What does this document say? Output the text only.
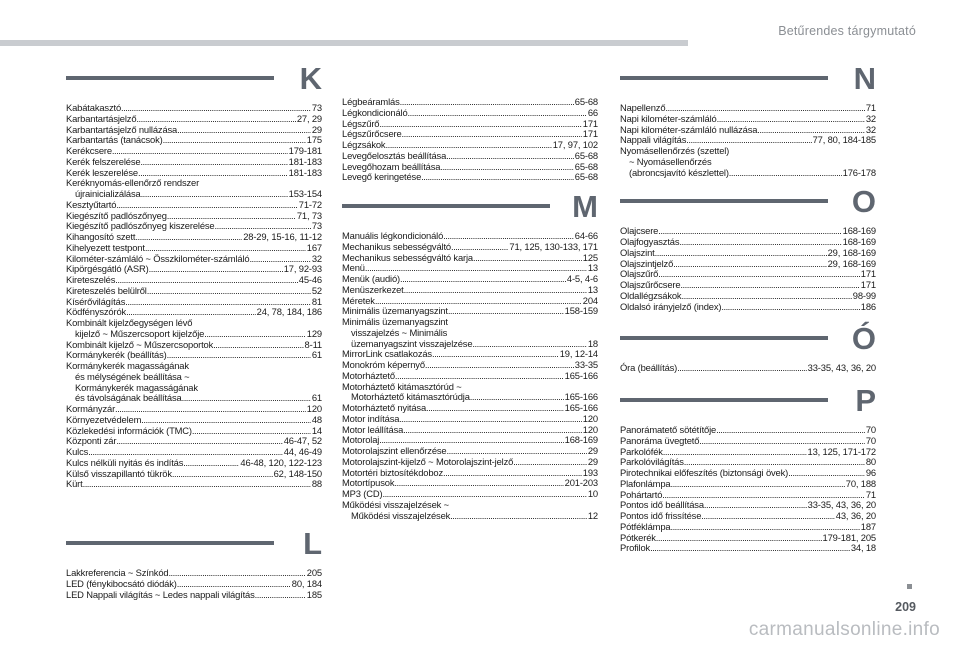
Betűrendes tárgymutató
K
Kabátakasztó .....	73
Karbantartásjelző .....	27, 29
Karbantartásjelző nullázása .....	29
Karbantartás (tanácsok) .....	175
Kerékcsere .....	179-181
Kerék felszerelése .....	181-183
Kerék leszerelése .....	181-183
Keréknyomás-ellenőrző rendszer
újrainicializálása .....	153-154
Kesztyűtartó .....	71-72
Kiegészítő padlószőnyeg .....	71, 73
Kiegészítő padlószőnyeg kiszerelése .....	73
Kihangosító szett .....	28-29, 15-16, 11-12
Kihelyezett testpont .....	167
Kilométer-számláló ~ Összkilométer-számláló .....	32
Kipörgésgátló (ASR) .....	17, 92-93
Kireteszelés .....	45-46
Kireteszelés belülről .....	52
Kísérővilágítás .....	81
Ködfényszórók .....	24, 78, 184, 186
Kombinált kijelzőegységen lévő
kijelző ~ Műszercsoport kijelzője .....	129
Kombinált kijelző ~ Műszercsoportok .....	8-11
Kormánykerék (beállítás) .....	61
Kormánykerék magasságának
és mélységének beállítása ~
Kormánykerék magasságának
és távolságának beállítása .....	61
Kormányzár .....	120
Környezetvédelem .....	48
Közlekedési információk (TMC) .....	14
Központi zár .....	46-47, 52
Kulcs .....	44, 46-49
Kulcs nélküli nyitás és indítás .....	46-48, 120, 122-123
Külső visszapillantó tükrök .....	62, 148-150
Kürt .....	88
L
Lakkreferencia ~ Színkód .....	205
LED (fénykibocsátó diódák) .....	80, 184
LED Nappali világítás ~ Ledes nappali világítás .....	185
Légbeáramlás .....	65-68
Légkondicionáló .....	66
Légszűrő .....	171
Légszűrőcsere .....	171
Légzsákok .....	17, 97, 102
Levegőelosztás beállítása .....	65-68
Levegőhozam beállítása .....	65-68
Levegő keringetése .....	65-68
M
Manuális légkondicionáló .....	64-66
Mechanikus sebességváltó .....	71, 125, 130-133, 171
Mechanikus sebességváltó karja .....	125
Menü .....	13
Menük (audió) .....	4-5, 4-6
Menüszerkezet .....	13
Méretek .....	204
Minimális üzemanyagszint .....	158-159
Minimális üzemanyagszint
visszajelzés ~ Minimális
üzemanyagszint visszajelzése .....	18
MirrorLink csatlakozás .....	19, 12-14
Monokróm képernyő .....	33-35
Motorháztető .....	165-166
Motorháztető kitámasztórúd ~
Motorháztető kitámasztórúdja .....	165-166
Motorháztető nyitása .....	165-166
Motor indítása .....	120
Motor leállítása .....	120
Motorolaj .....	168-169
Motorolajszint ellenőrzése .....	29
Motorolajszint-kijelző ~ Motorolajszint-jelző .....	29
Motortéri biztosítékdoboz .....	193
Motortípusok .....	201-203
MP3 (CD) .....	10
Működési visszajelzések ~
Működési visszajelzések .....	12
N
Napellenző .....	71
Napi kilométer-számláló .....	32
Napi kilométer-számláló nullázása .....	32
Nappali világítás .....	77, 80, 184-185
Nyomásellenőrzés (szettel)
~ Nyomásellenőrzés
(abroncsjavító készlettel) .....	176-178
O
Olajcsere .....	168-169
Olajfogyasztás .....	168-169
Olajszint .....	29, 168-169
Olajszintjelző .....	29, 168-169
Olajszűrő .....	171
Olajszűrőcsere .....	171
Oldallégzsákok .....	98-99
Oldalsó irányjelző (index) .....	186
Ó
Óra (beállítás) .....	33-35, 43, 36, 20
P
Panorámatető sötétítője .....	70
Panoráma üvegtető .....	70
Parkolófék .....	13, 125, 171-172
Parkolóvilágítás .....	80
Pirotechnikai előfeszítés (biztonsági övek) .....	96
Plafonlámpa .....	70, 188
Pohártartó .....	71
Pontos idő beállítása .....	33-35, 43, 36, 20
Pontos idő frissítése .....	43, 36, 20
Pótféklámpa .....	187
Pótkerék .....	179-181, 205
Profilok .....	34, 18
209
carmanualsonline.info
